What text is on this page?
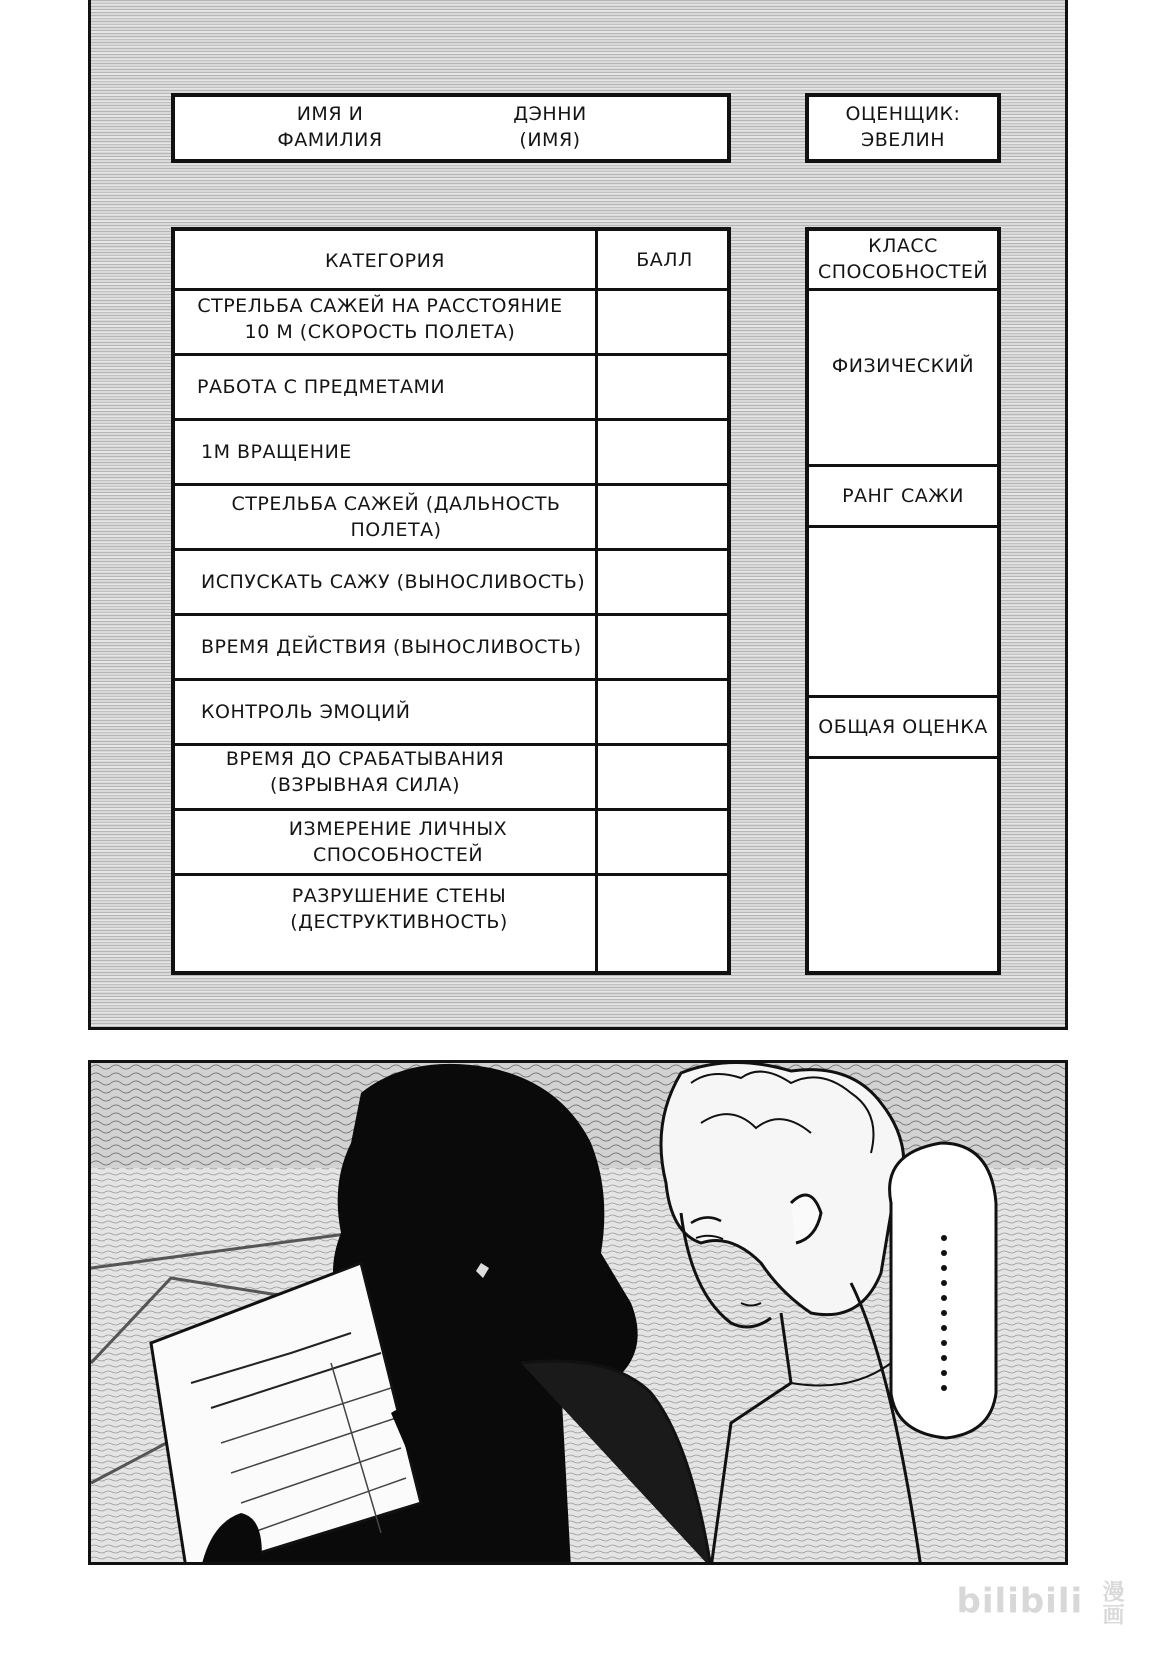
ИМЯ И
ФАМИЛИЯ
ДЭННИ
(ИМЯ)
ОЦЕНЩИК:
ЭВЕЛИН
КАТЕГОРИЯ	БАЛЛ
СТРЕЛЬБА САЖЕЙ НА РАССТОЯНИЕ
10 М (СКОРОСТЬ ПОЛЕТА)
РАБОТА С ПРЕДМЕТАМИ
1М ВРАЩЕНИЕ
СТРЕЛЬБА САЖЕЙ (ДАЛЬНОСТЬ ПОЛЕТА)
ИСПУСКАТЬ САЖУ (ВЫНОСЛИВОСТЬ)
ВРЕМЯ ДЕЙСТВИЯ (ВЫНОСЛИВОСТЬ)
КОНТРОЛЬ ЭМОЦИЙ
ВРЕМЯ ДО СРАБАТЫВАНИЯ
(ВЗРЫВНАЯ СИЛА)
ИЗМЕРЕНИЕ ЛИЧНЫХ СПОСОБНОСТЕЙ
РАЗРУШЕНИЕ СТЕНЫ (ДЕСТРУКТИВНОСТЬ)
КЛАСС
СПОСОБНОСТЕЙ
ФИЗИЧЕСКИЙ
РАНГ САЖИ
ОБЩАЯ ОЦЕНКА
bilibili 漫画
